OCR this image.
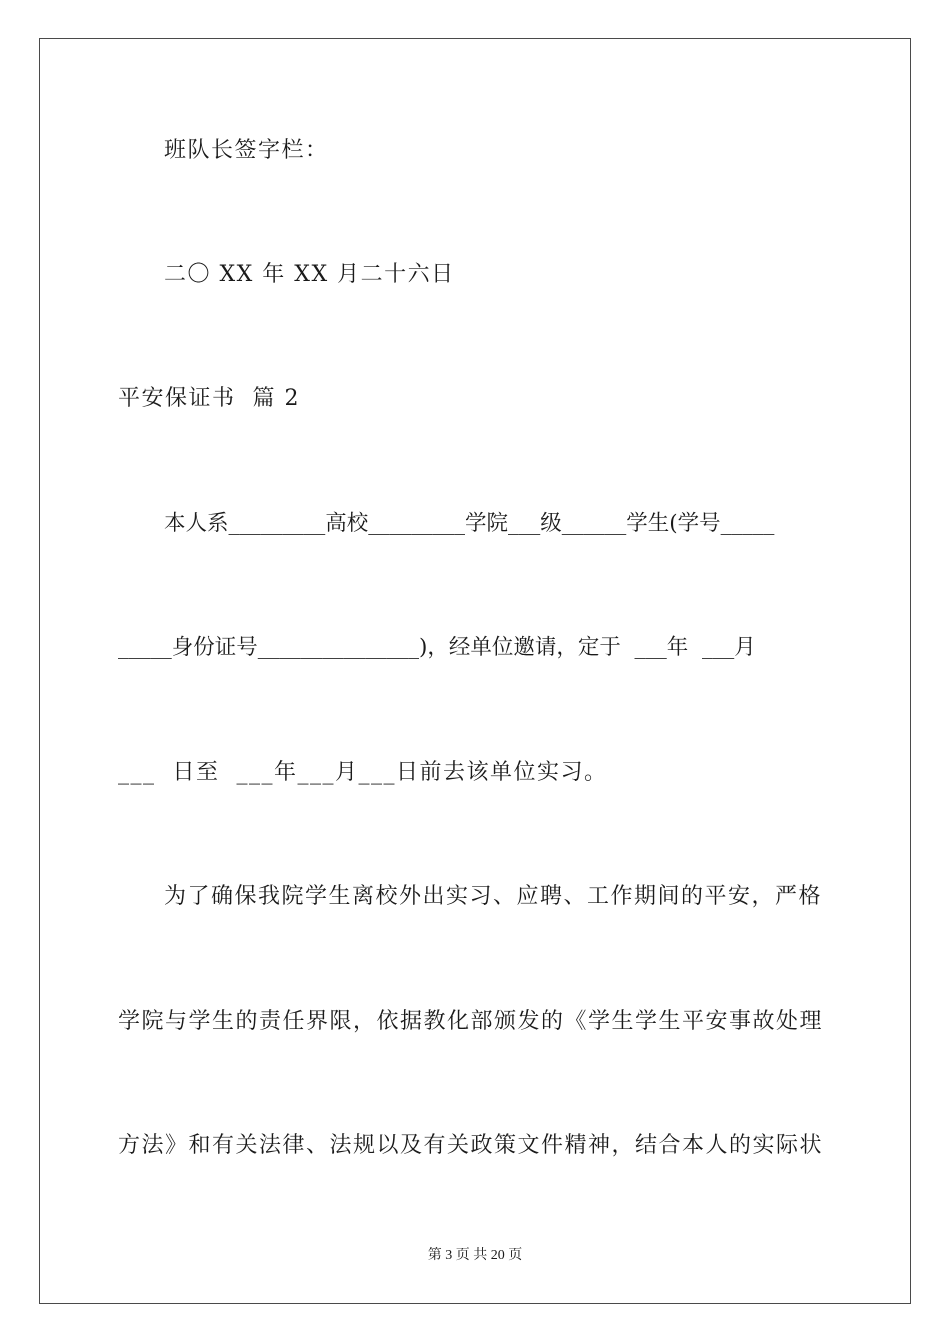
班队长签字栏：
二〇 XX 年 XX 月二十六日
平安保证书  篇 2
本人系_________高校_________学院___级______学生(学号_____
_____身份证号_______________)，经单位邀请，定于  ___年  ___月
___  日至  ___年___月___日前去该单位实习。
为了确保我院学生离校外出实习、应聘、工作期间的平安，严格
学院与学生的责任界限，依据教化部颁发的《学生学生平安事故处理
方法》和有关法律、法规以及有关政策文件精神，结合本人的实际状
第 3 页 共 20 页
